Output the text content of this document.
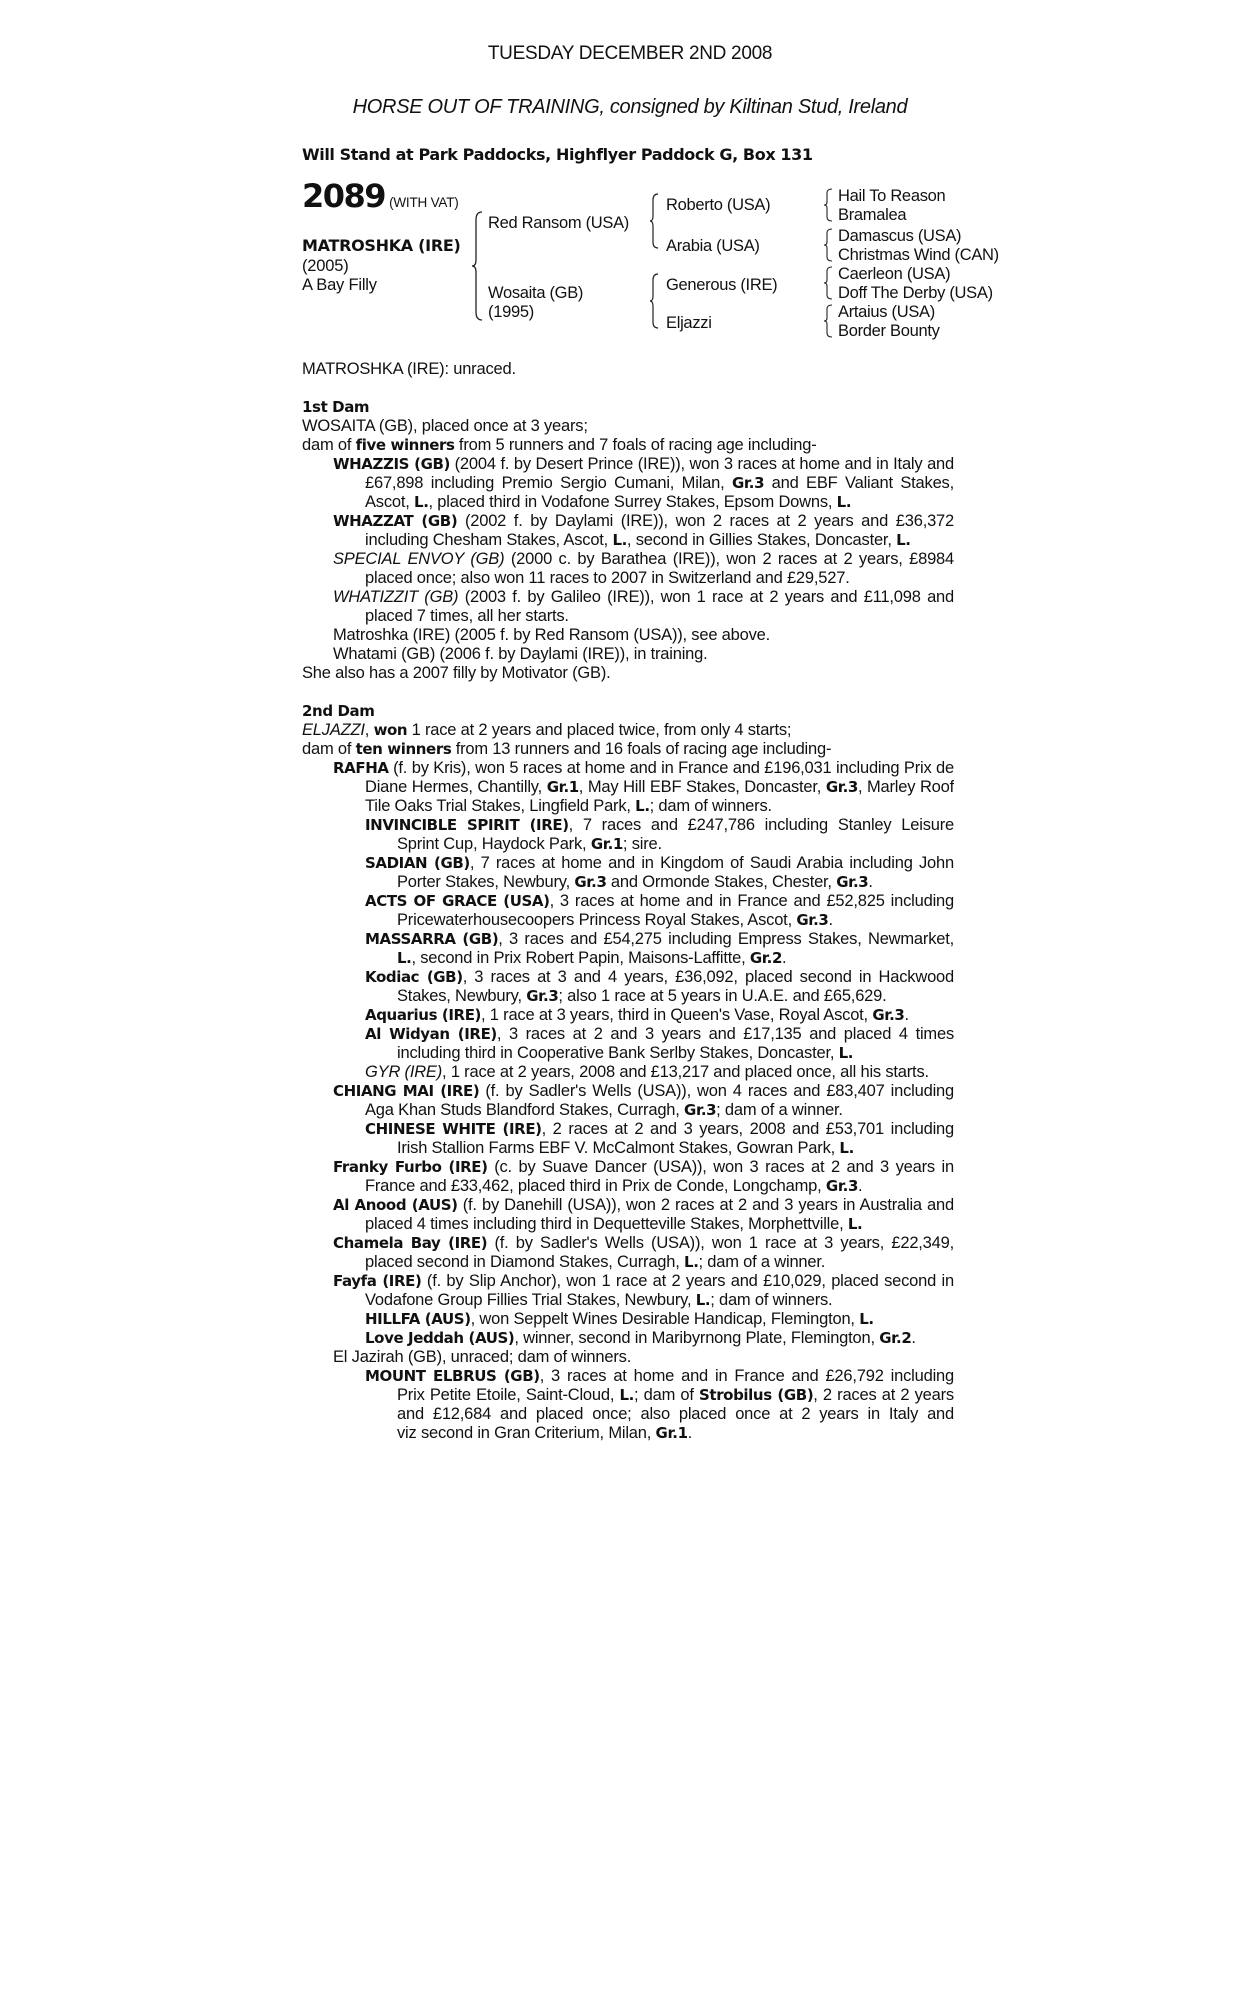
TUESDAY DECEMBER 2ND 2008
HORSE OUT OF TRAINING, consigned by Kiltinan Stud, Ireland
Will Stand at Park Paddocks, Highflyer Paddock G, Box 131
2089 (WITH VAT)
MATROSHKA (IRE)
(2005)
A Bay Filly
Red Ransom (USA)
Wosaita (GB)
(1995)
Roberto (USA)
Arabia (USA)
Generous (IRE)
Eljazzi
Hail To Reason
Bramalea
Damascus (USA)
Christmas Wind (CAN)
Caerleon (USA)
Doff The Derby (USA)
Artaius (USA)
Border Bounty
MATROSHKA (IRE): unraced.
1st Dam
WOSAITA (GB), placed once at 3 years;
dam of five winners from 5 runners and 7 foals of racing age including-
WHAZZIS (GB) (2004 f. by Desert Prince (IRE)), won 3 races at home and in Italy and
£67,898 including Premio Sergio Cumani, Milan, Gr.3 and EBF Valiant Stakes,
Ascot, L., placed third in Vodafone Surrey Stakes, Epsom Downs, L.
WHAZZAT (GB) (2002 f. by Daylami (IRE)), won 2 races at 2 years and £36,372
including Chesham Stakes, Ascot, L., second in Gillies Stakes, Doncaster, L.
SPECIAL ENVOY (GB) (2000 c. by Barathea (IRE)), won 2 races at 2 years, £8984
placed once; also won 11 races to 2007 in Switzerland and £29,527.
WHATIZZIT (GB) (2003 f. by Galileo (IRE)), won 1 race at 2 years and £11,098 and
placed 7 times, all her starts.
Matroshka (IRE) (2005 f. by Red Ransom (USA)), see above.
Whatami (GB) (2006 f. by Daylami (IRE)), in training.
She also has a 2007 filly by Motivator (GB).
2nd Dam
ELJAZZI, won 1 race at 2 years and placed twice, from only 4 starts;
dam of ten winners from 13 runners and 16 foals of racing age including-
RAFHA (f. by Kris), won 5 races at home and in France and £196,031 including Prix de
Diane Hermes, Chantilly, Gr.1, May Hill EBF Stakes, Doncaster, Gr.3, Marley Roof
Tile Oaks Trial Stakes, Lingfield Park, L.; dam of winners.
INVINCIBLE SPIRIT (IRE), 7 races and £247,786 including Stanley Leisure
Sprint Cup, Haydock Park, Gr.1; sire.
SADIAN (GB), 7 races at home and in Kingdom of Saudi Arabia including John
Porter Stakes, Newbury, Gr.3 and Ormonde Stakes, Chester, Gr.3.
ACTS OF GRACE (USA), 3 races at home and in France and £52,825 including
Pricewaterhousecoopers Princess Royal Stakes, Ascot, Gr.3.
MASSARRA (GB), 3 races and £54,275 including Empress Stakes, Newmarket,
L., second in Prix Robert Papin, Maisons-Laffitte, Gr.2.
Kodiac (GB), 3 races at 3 and 4 years, £36,092, placed second in Hackwood
Stakes, Newbury, Gr.3; also 1 race at 5 years in U.A.E. and £65,629.
Aquarius (IRE), 1 race at 3 years, third in Queen's Vase, Royal Ascot, Gr.3.
Al Widyan (IRE), 3 races at 2 and 3 years and £17,135 and placed 4 times
including third in Cooperative Bank Serlby Stakes, Doncaster, L.
GYR (IRE), 1 race at 2 years, 2008 and £13,217 and placed once, all his starts.
CHIANG MAI (IRE) (f. by Sadler's Wells (USA)), won 4 races and £83,407 including
Aga Khan Studs Blandford Stakes, Curragh, Gr.3; dam of a winner.
CHINESE WHITE (IRE), 2 races at 2 and 3 years, 2008 and £53,701 including
Irish Stallion Farms EBF V. McCalmont Stakes, Gowran Park, L.
Franky Furbo (IRE) (c. by Suave Dancer (USA)), won 3 races at 2 and 3 years in
France and £33,462, placed third in Prix de Conde, Longchamp, Gr.3.
Al Anood (AUS) (f. by Danehill (USA)), won 2 races at 2 and 3 years in Australia and
placed 4 times including third in Dequetteville Stakes, Morphettville, L.
Chamela Bay (IRE) (f. by Sadler's Wells (USA)), won 1 race at 3 years, £22,349,
placed second in Diamond Stakes, Curragh, L.; dam of a winner.
Fayfa (IRE) (f. by Slip Anchor), won 1 race at 2 years and £10,029, placed second in
Vodafone Group Fillies Trial Stakes, Newbury, L.; dam of winners.
HILLFA (AUS), won Seppelt Wines Desirable Handicap, Flemington, L.
Love Jeddah (AUS), winner, second in Maribyrnong Plate, Flemington, Gr.2.
El Jazirah (GB), unraced; dam of winners.
MOUNT ELBRUS (GB), 3 races at home and in France and £26,792 including
Prix Petite Etoile, Saint-Cloud, L.; dam of Strobilus (GB), 2 races at 2 years
and £12,684 and placed once; also placed once at 2 years in Italy and
viz second in Gran Criterium, Milan, Gr.1.
